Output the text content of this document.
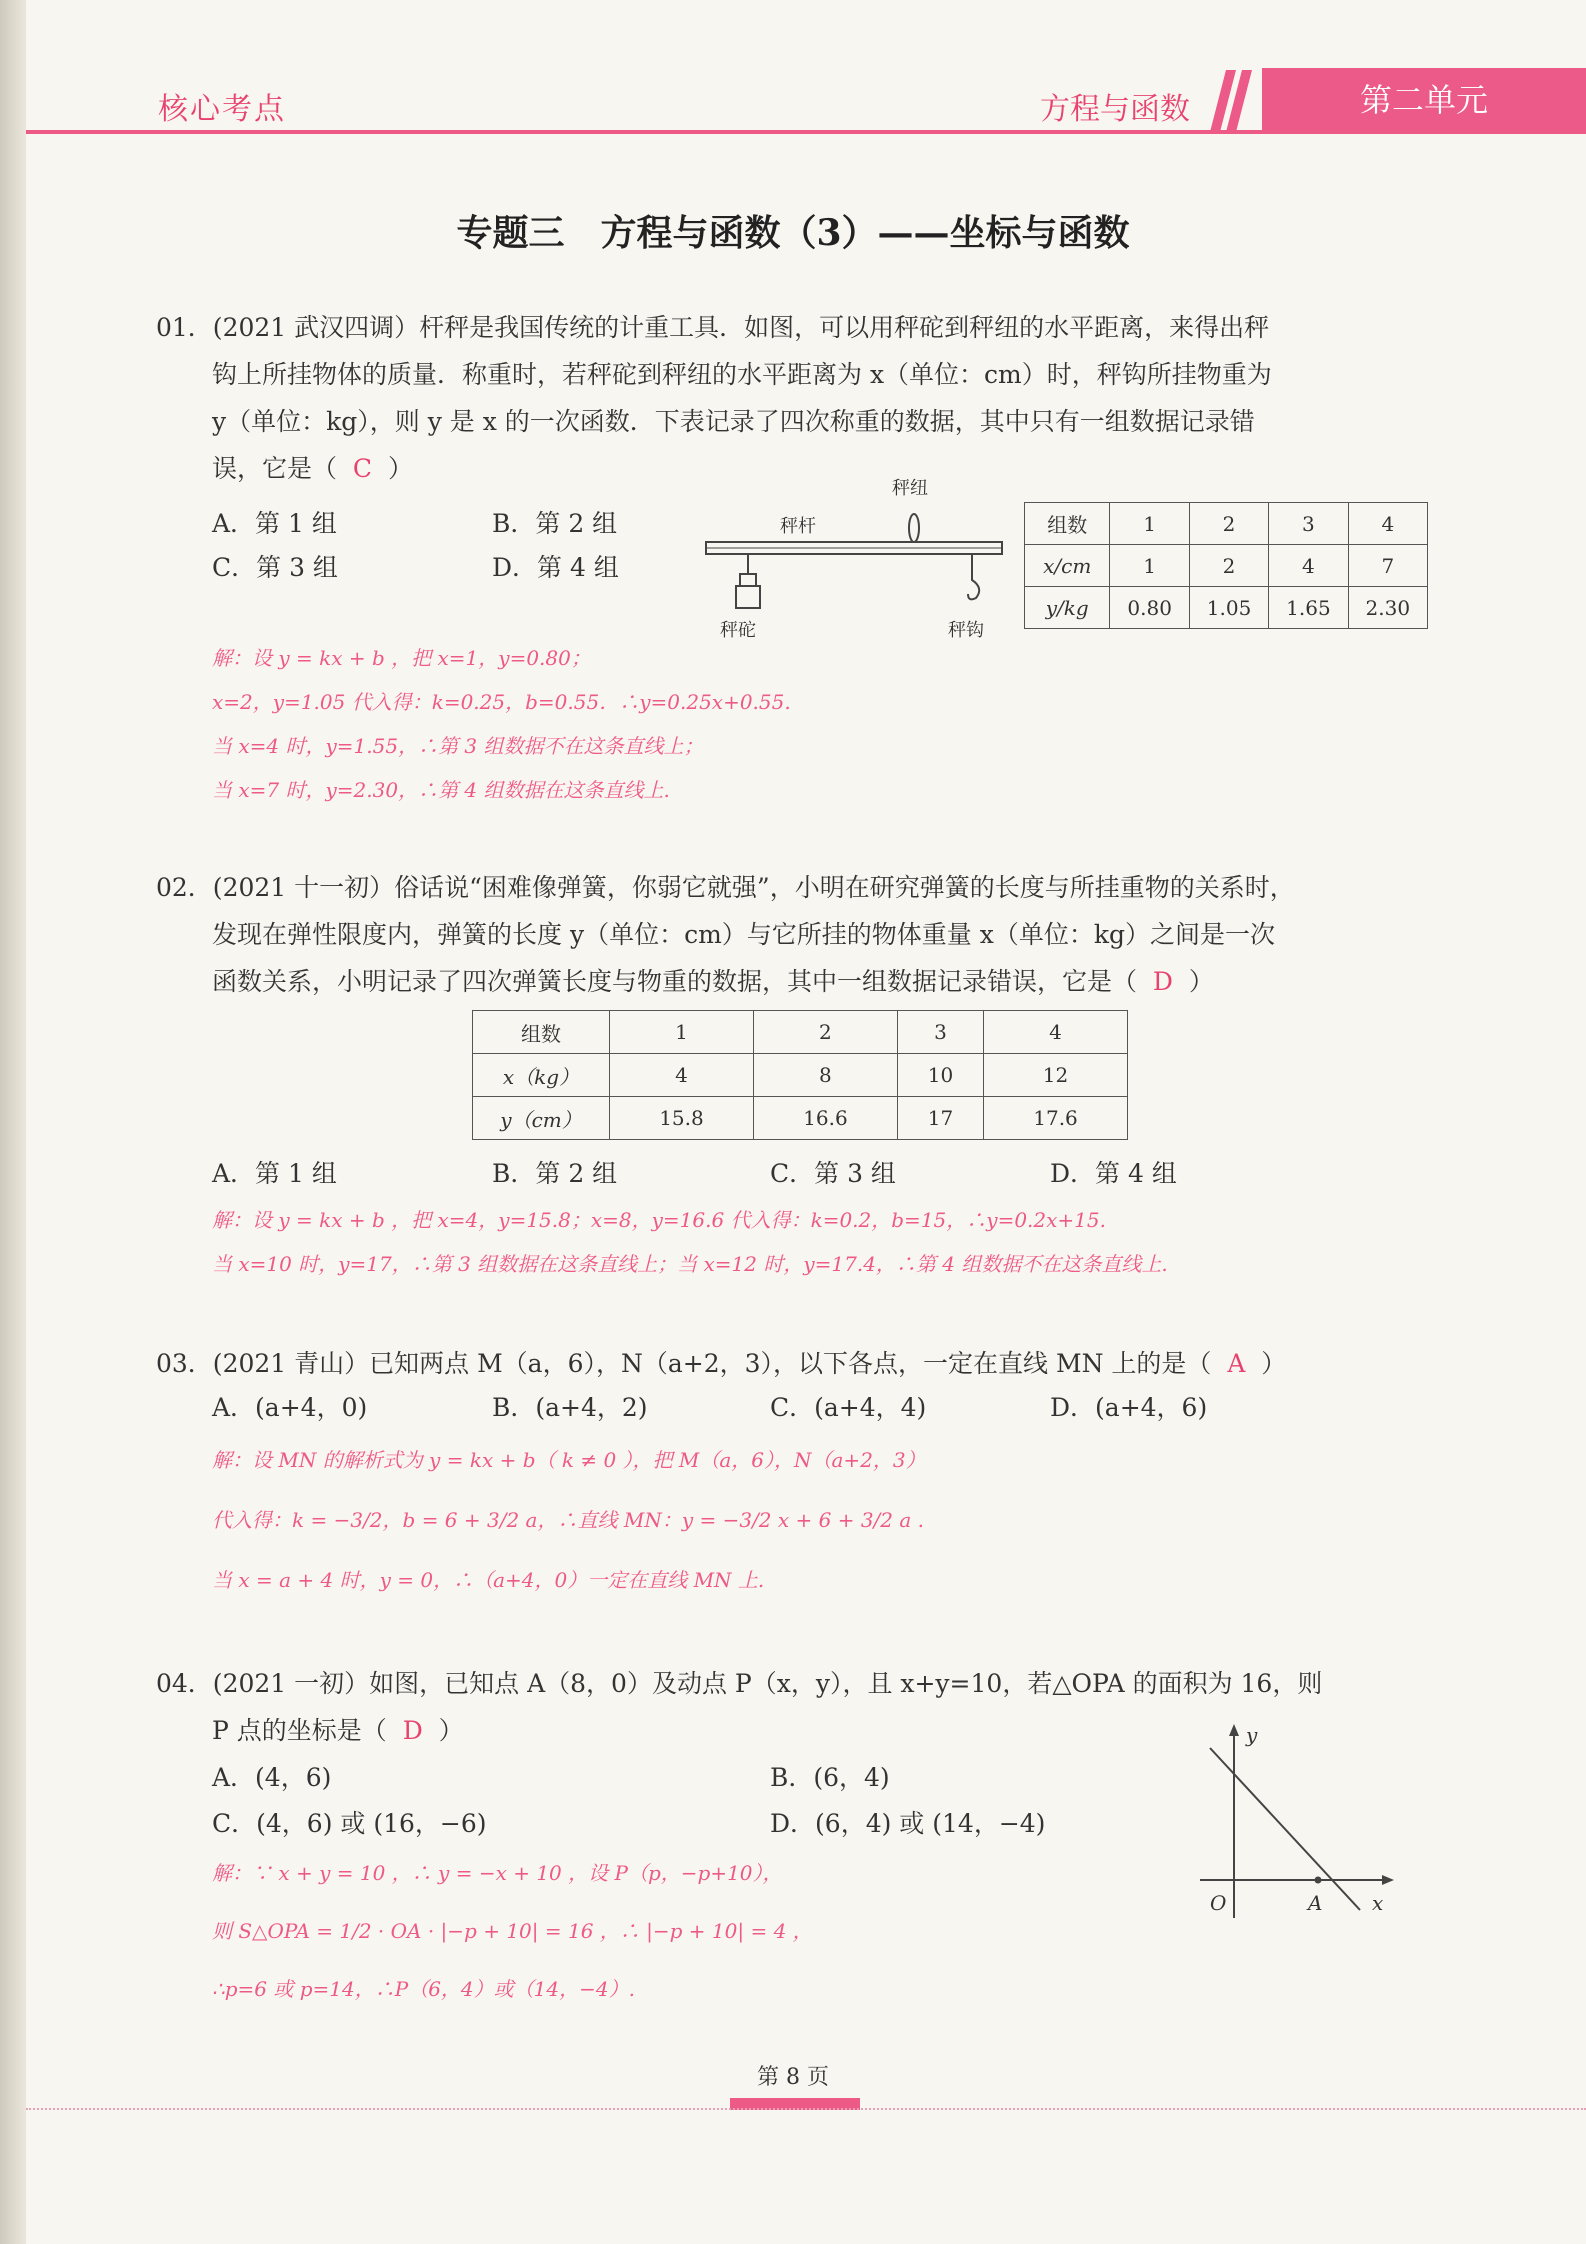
核心考点	方程与函数	第二单元
专题三　方程与函数（3）——坐标与函数
01．(2021 武汉四调）杆秤是我国传统的计重工具．如图，可以用秤砣到秤纽的水平距离，来得出秤
钩上所挂物体的质量．称重时，若秤砣到秤纽的水平距离为 x（单位：cm）时，秤钩所挂物重为
y（单位：kg），则 y 是 x 的一次函数．下表记录了四次称重的数据，其中只有一组数据记录错
误，它是（ C ）
A．第 1 组	B．第 2 组
C．第 3 组	D．第 4 组
秤杆
秤纽
秤砣	秤钩
组数	1	2	3	4
x/cm	1	2	4	7
y/kg	0.80	1.05	1.65	2.30
解：设 y = kx + b ，把 x=1，y=0.80；
x=2，y=1.05 代入得：k=0.25，b=0.55．∴y=0.25x+0.55.
当 x=4 时，y=1.55，∴第 3 组数据不在这条直线上；
当 x=7 时，y=2.30，∴第 4 组数据在这条直线上.
02．(2021 十一初）俗话说“困难像弹簧，你弱它就强”，小明在研究弹簧的长度与所挂重物的关系时，
发现在弹性限度内，弹簧的长度 y（单位：cm）与它所挂的物体重量 x（单位：kg）之间是一次
函数关系，小明记录了四次弹簧长度与物重的数据，其中一组数据记录错误，它是（ D ）
组数	1	2	3	4
x（kg）	4	8	10	12
y（cm）	15.8	16.6	17	17.6
A．第 1 组	B．第 2 组	C．第 3 组	D．第 4 组
解：设 y = kx + b ，把 x=4，y=15.8；x=8，y=16.6 代入得：k=0.2，b=15，∴y=0.2x+15.
当 x=10 时，y=17，∴第 3 组数据在这条直线上；当 x=12 时，y=17.4，∴第 4 组数据不在这条直线上.
03．(2021 青山）已知两点 M（a，6），N（a+2，3），以下各点，一定在直线 MN 上的是（ A ）
A．(a+4，0)	B．(a+4，2)	C．(a+4，4)	D．(a+4，6)
解：设 MN 的解析式为 y = kx + b（ k ≠ 0 ），把 M（a，6），N（a+2，3）
代入得：k = −3/2，b = 6 + 3/2 a，∴直线 MN：y = −3/2 x + 6 + 3/2 a .
当 x = a + 4 时，y = 0，∴（a+4，0）一定在直线 MN 上.
04．(2021 一初）如图，已知点 A（8，0）及动点 P（x，y），且 x+y=10，若△OPA 的面积为 16，则
P 点的坐标是（ D ）
A．(4，6)	B．(6，4)
C．(4，6) 或 (16，−6)	D．(6，4) 或 (14，−4)
y
x
O	A
解：∵ x + y = 10 ，∴ y = −x + 10 ，设 P（p，−p+10），
则 S△OPA = 1/2 · OA · |−p + 10| = 16 ，∴ |−p + 10| = 4 ，
∴p=6 或 p=14，∴P（6，4）或（14，−4）.
第 8 页
